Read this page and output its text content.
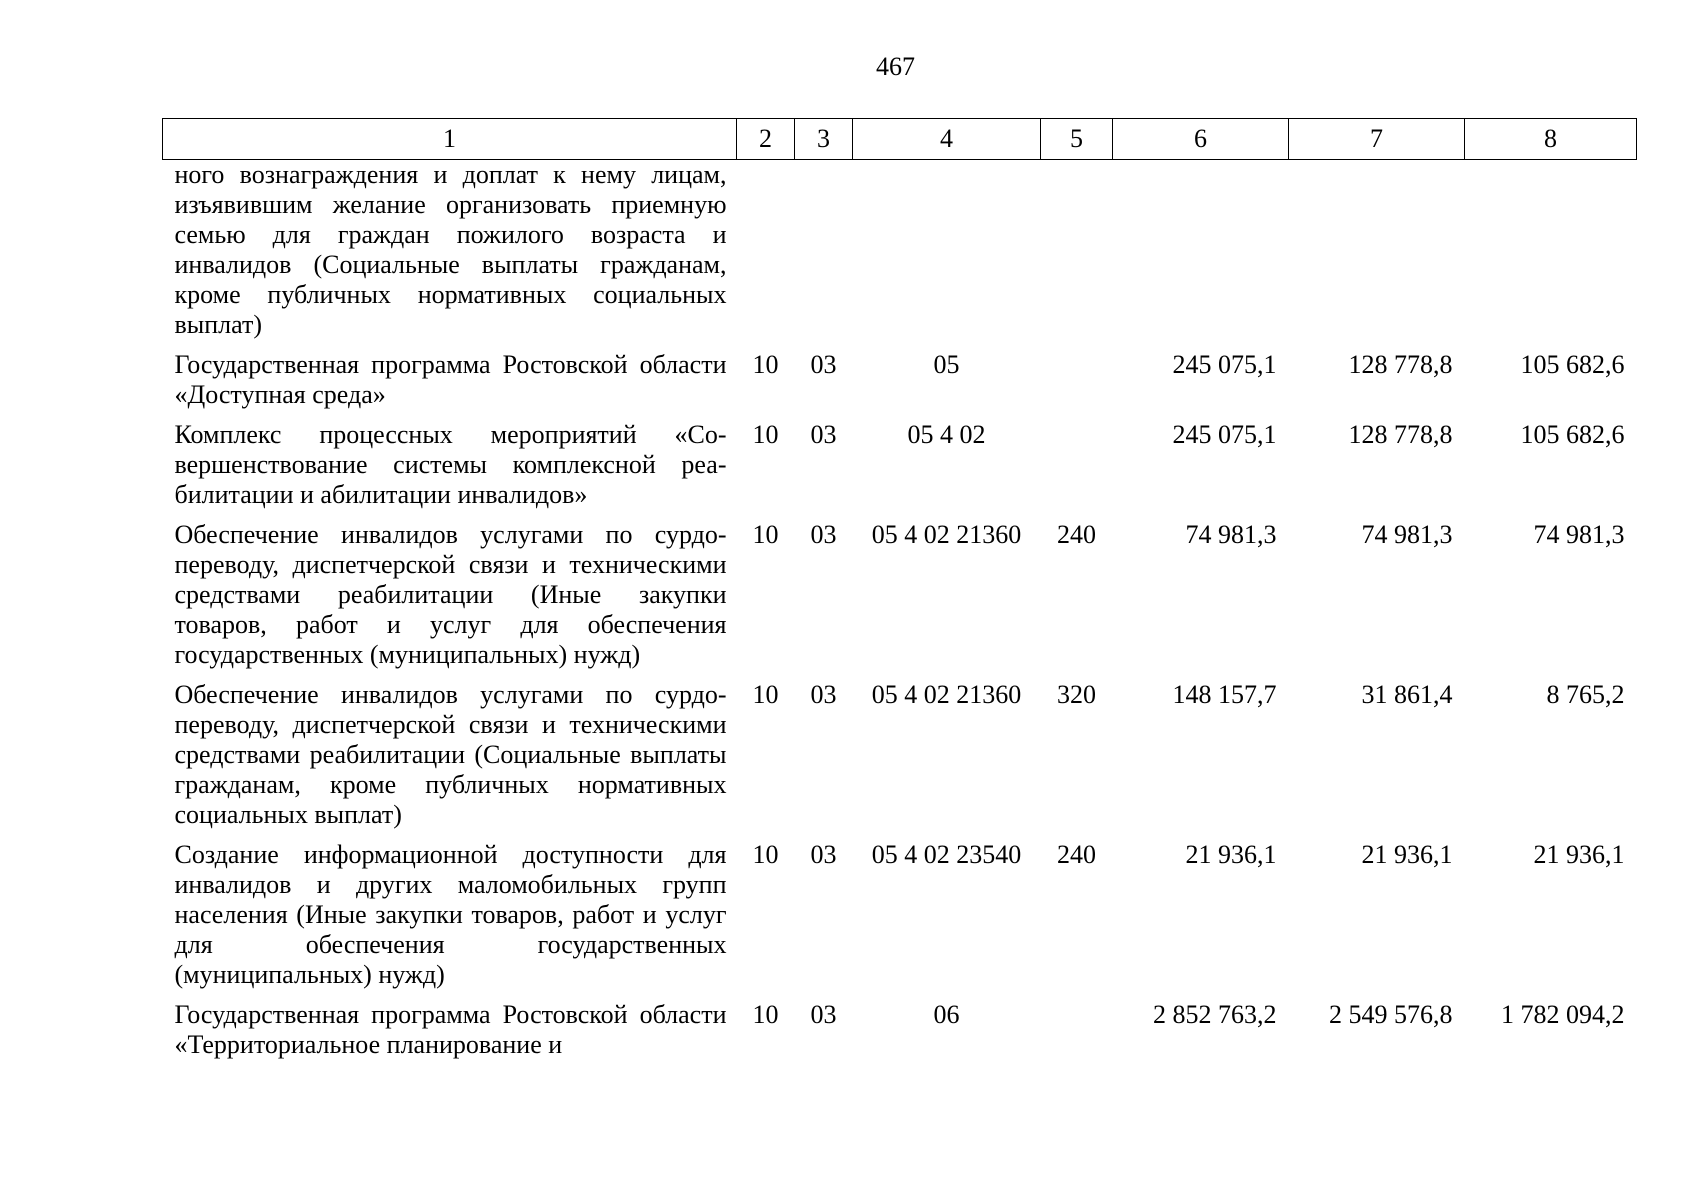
467
1	2	3	4	5	6	7	8
ного вознаграждения и доплат к нему лицам, изъявившим желание организовать приемную семью для граждан пожилого возраста и инвалидов (Социальные выплаты гражданам, кроме публичных нормативных социальных выплат)							
Государственная программа Ростовской области «Доступная среда»	10	03	05		245 075,1	128 778,8	105 682,6
Комплекс процессных мероприятий «Совершенствование системы комплексной реабилитации и абилитации инвалидов»	10	03	05 4 02		245 075,1	128 778,8	105 682,6
Обеспечение инвалидов услугами по сурдопереводу, диспетчерской связи и техническими средствами реабилитации (Иные закупки товаров, работ и услуг для обеспечения государственных (муниципальных) нужд)	10	03	05 4 02 21360	240	74 981,3	74 981,3	74 981,3
Обеспечение инвалидов услугами по сурдопереводу, диспетчерской связи и техническими средствами реабилитации (Социальные выплаты гражданам, кроме публичных нормативных социальных выплат)	10	03	05 4 02 21360	320	148 157,7	31 861,4	8 765,2
Создание информационной доступности для инвалидов и других маломобильных групп населения (Иные закупки товаров, работ и услуг для обеспечения государственных (муниципальных) нужд)	10	03	05 4 02 23540	240	21 936,1	21 936,1	21 936,1
Государственная программа Ростовской области «Территориальное планирование и	10	03	06		2 852 763,2	2 549 576,8	1 782 094,2
